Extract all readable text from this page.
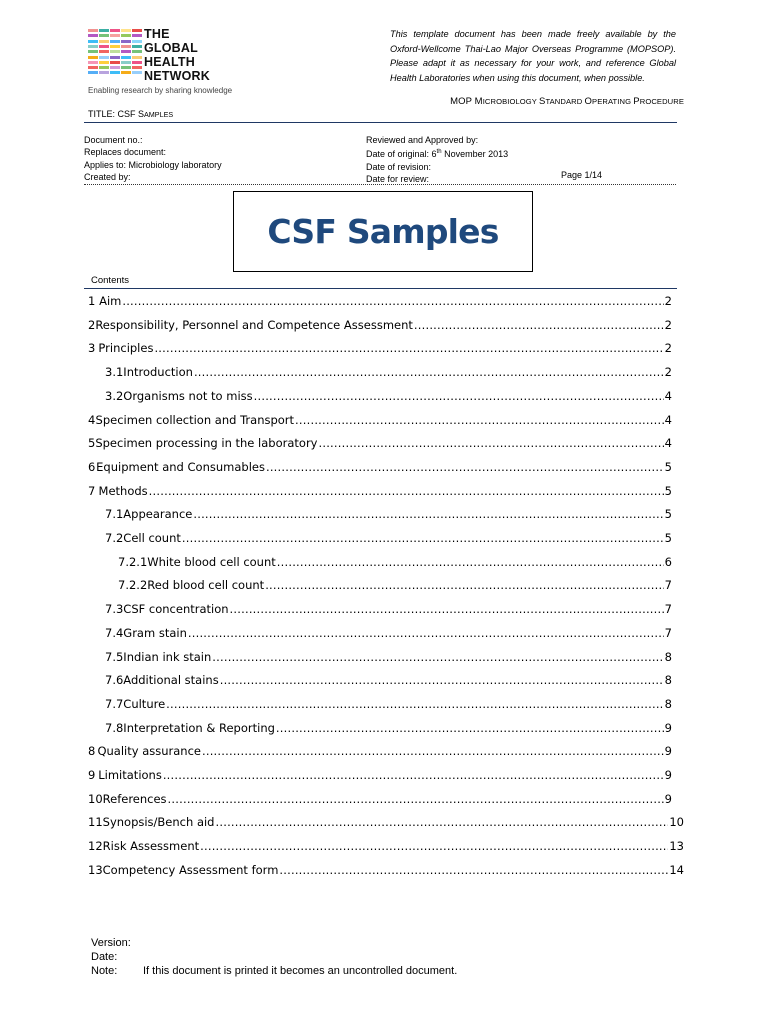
THE
GLOBAL
HEALTH
NETWORK
Enabling research by sharing knowledge
This template document has been made freely available by the Oxford-Wellcome Thai-Lao Major Overseas Programme (MOPSOP). Please adapt it as necessary for your work, and reference Global Health Laboratories when using this document, when possible.
MOP MICROBIOLOGY STANDARD OPERATING PROCEDURE
TITLE: CSF SAMPLES
Document no.:
Replaces document:
Applies to: Microbiology laboratory
Created by:
Reviewed and Approved by:
Date of original: 6th November 2013
Date of revision:
Date for review:	Page 1/14
CSF Samples
Contents
1 Aim .....	2
2 Responsibility, Personnel and Competence Assessment .....	2
3 Principles .....	2
3.1 Introduction .....	2
3.2 Organisms not to miss .....	4
4 Specimen collection and Transport .....	4
5 Specimen processing in the laboratory .....	4
6 Equipment and Consumables .....	5
7 Methods .....	5
7.1 Appearance .....	5
7.2 Cell count .....	5
7.2.1 White blood cell count .....	6
7.2.2 Red blood cell count .....	7
7.3 CSF concentration .....	7
7.4 Gram stain .....	7
7.5 Indian ink stain .....	8
7.6 Additional stains .....	8
7.7 Culture .....	8
7.8 Interpretation & Reporting .....	9
8 Quality assurance .....	9
9 Limitations .....	9
10 References .....	9
11 Synopsis/Bench aid .....	10
12 Risk Assessment .....	13
13 Competency Assessment form .....	14
Version:
Date:
Note:	If this document is printed it becomes an uncontrolled document.
